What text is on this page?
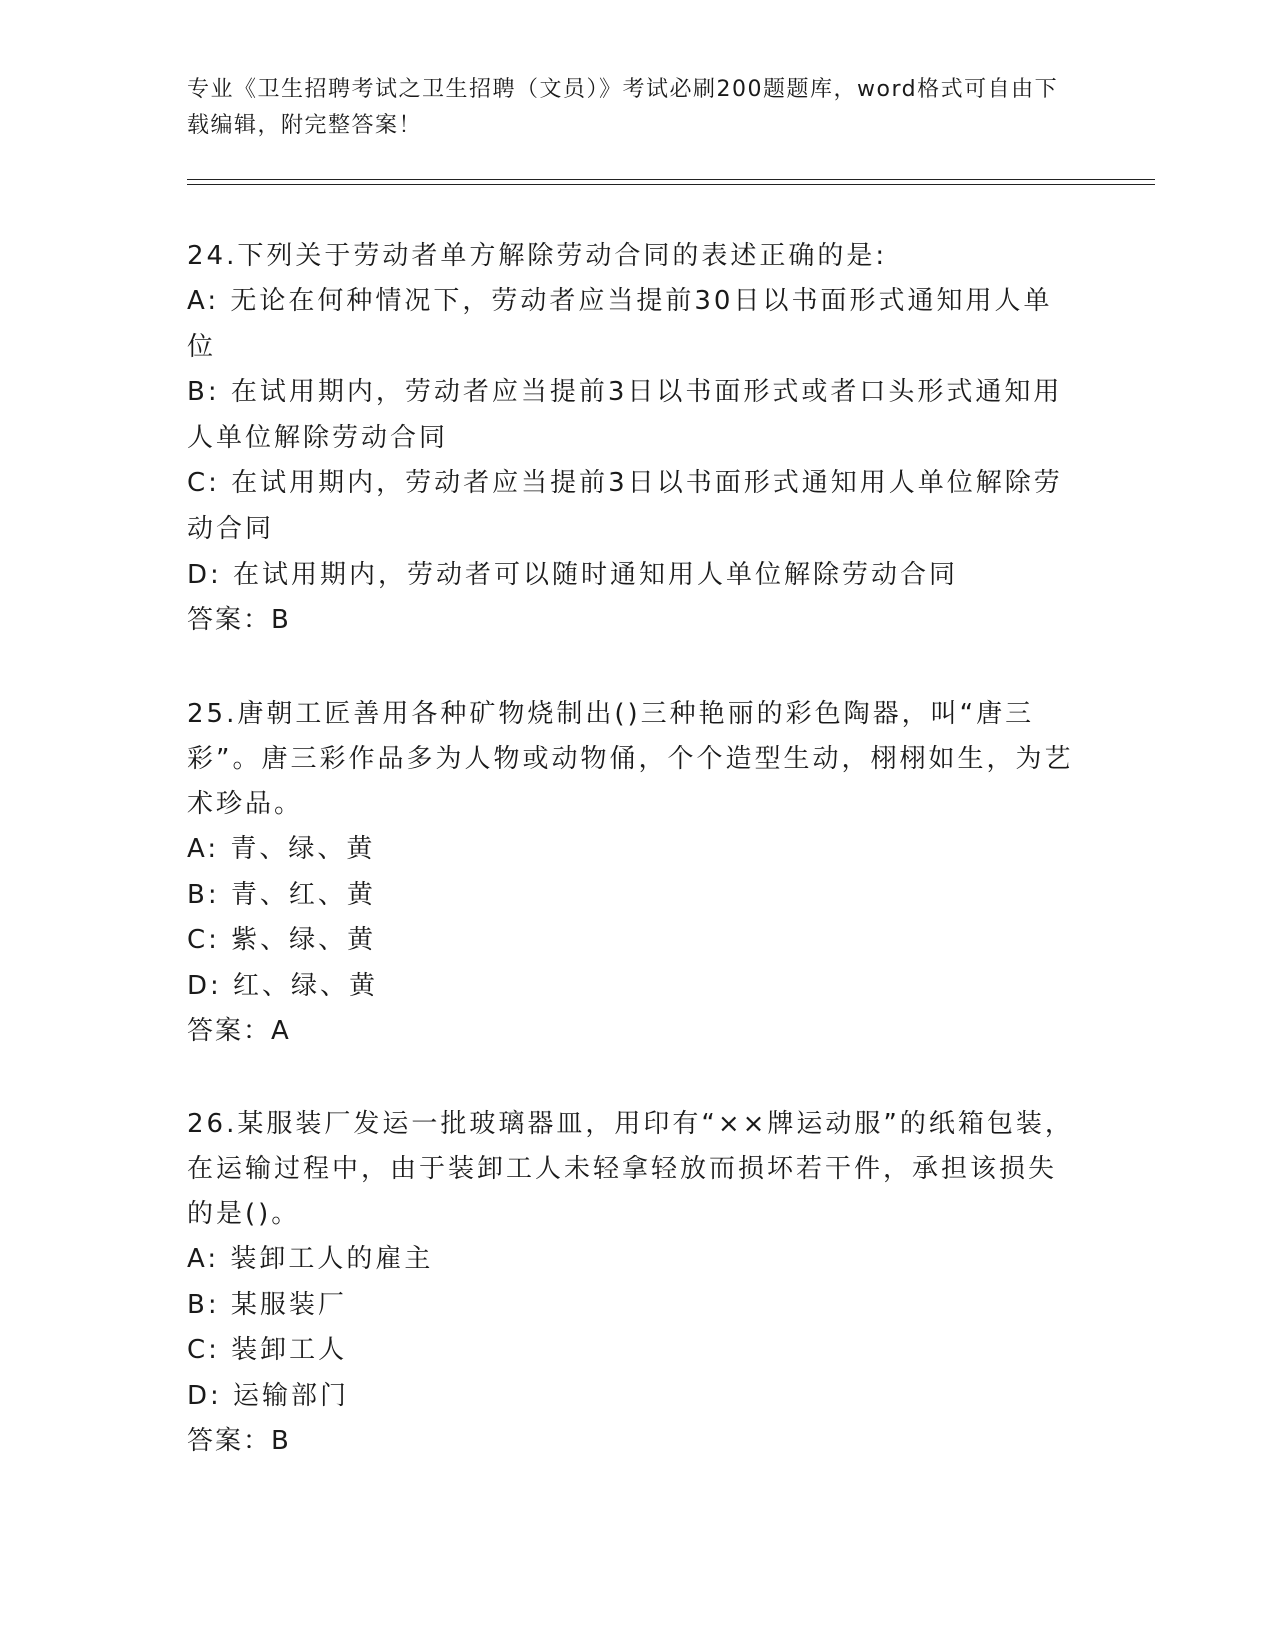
专业《卫生招聘考试之卫生招聘（文员）》考试必刷200题题库，word格式可自由下载编辑，附完整答案！

24.下列关于劳动者单方解除劳动合同的表述正确的是:

A: 无论在何种情况下，劳动者应当提前30日以书面形式通知用人单位

B: 在试用期内，劳动者应当提前3日以书面形式或者口头形式通知用人单位解除劳动合同

C: 在试用期内，劳动者应当提前3日以书面形式通知用人单位解除劳动合同

D: 在试用期内，劳动者可以随时通知用人单位解除劳动合同

答案：B

25.唐朝工匠善用各种矿物烧制出()三种艳丽的彩色陶器，叫“唐三彩”。唐三彩作品多为人物或动物俑，个个造型生动，栩栩如生，为艺术珍品。

A: 青、绿、黄

B: 青、红、黄

C: 紫、绿、黄

D: 红、绿、黄

答案：A

26.某服装厂发运一批玻璃器皿，用印有“××牌运动服”的纸箱包装，在运输过程中，由于装卸工人未轻拿轻放而损坏若干件，承担该损失的是()。

A: 装卸工人的雇主

B: 某服装厂

C: 装卸工人

D: 运输部门

答案：B
